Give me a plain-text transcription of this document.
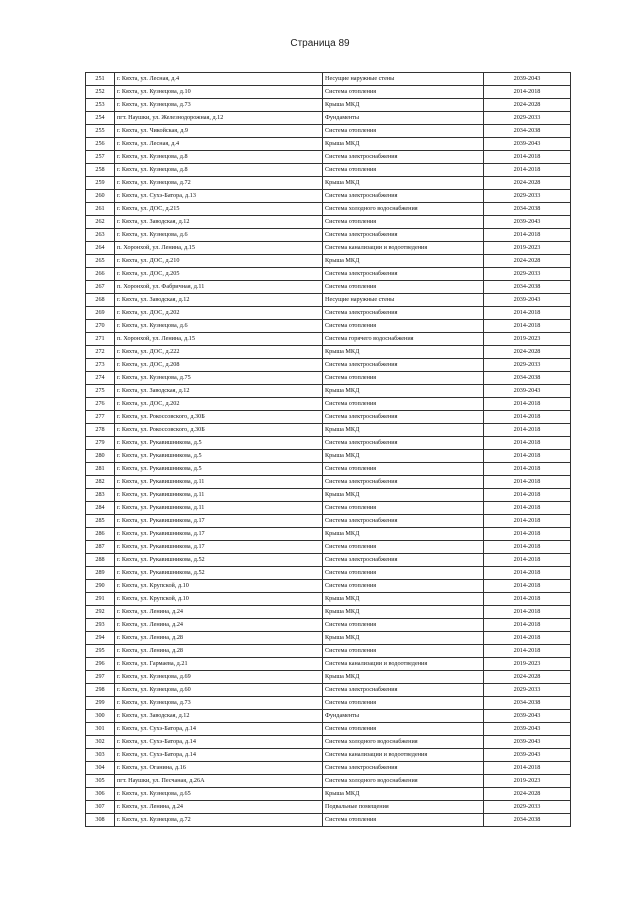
Страница 89
251	г. Кяхта, ул. Лесная, д.4	Несущие наружные стены	2039-2043
252	г. Кяхта, ул. Кузнецова, д.10	Система отопления	2014-2018
253	г. Кяхта, ул. Кузнецова, д.73	Крыша МКД	2024-2028
254	пгт. Наушки, ул. Железнодорожная, д.12	Фундаменты	2029-2033
255	г. Кяхта, ул. Чикойская, д.9	Система отопления	2034-2038
256	г. Кяхта, ул. Лесная, д.4	Крыша МКД	2039-2043
257	г. Кяхта, ул. Кузнецова, д.8	Система электроснабжения	2014-2018
258	г. Кяхта, ул. Кузнецова, д.8	Система отопления	2014-2018
259	г. Кяхта, ул. Кузнецова, д.72	Крыша МКД	2024-2028
260	г. Кяхта, ул. Сухэ-Батора, д.13	Система электроснабжения	2029-2033
261	г. Кяхта, ул. ДОС, д.215	Система холодного водоснабжения	2034-2038
262	г. Кяхта, ул. Заводская, д.12	Система отопления	2039-2043
263	г. Кяхта, ул. Кузнецова, д.6	Система электроснабжения	2014-2018
264	п. Хоронхой, ул. Ленина, д.15	Система канализации и водоотведения	2019-2023
265	г. Кяхта, ул. ДОС, д.210	Крыша МКД	2024-2028
266	г. Кяхта, ул. ДОС, д.205	Система электроснабжения	2029-2033
267	п. Хоронхой, ул. Фабричная, д.11	Система отопления	2034-2038
268	г. Кяхта, ул. Заводская, д.12	Несущие наружные стены	2039-2043
269	г. Кяхта, ул. ДОС, д.202	Система электроснабжения	2014-2018
270	г. Кяхта, ул. Кузнецова, д.6	Система отопления	2014-2018
271	п. Хоронхой, ул. Ленина, д.15	Система горячего водоснабжения	2019-2023
272	г. Кяхта, ул. ДОС, д.222	Крыша МКД	2024-2028
273	г. Кяхта, ул. ДОС, д.208	Система электроснабжения	2029-2033
274	г. Кяхта, ул. Кузнецова, д.75	Система отопления	2034-2038
275	г. Кяхта, ул. Заводская, д.12	Крыша МКД	2039-2043
276	г. Кяхта, ул. ДОС, д.202	Система отопления	2014-2018
277	г. Кяхта, ул. Рокоссовского, д.30Б	Система электроснабжения	2014-2018
278	г. Кяхта, ул. Рокоссовского, д.30Б	Крыша МКД	2014-2018
279	г. Кяхта, ул. Рукавишникова, д.5	Система электроснабжения	2014-2018
280	г. Кяхта, ул. Рукавишникова, д.5	Крыша МКД	2014-2018
281	г. Кяхта, ул. Рукавишникова, д.5	Система отопления	2014-2018
282	г. Кяхта, ул. Рукавишникова, д.11	Система электроснабжения	2014-2018
283	г. Кяхта, ул. Рукавишникова, д.11	Крыша МКД	2014-2018
284	г. Кяхта, ул. Рукавишникова, д.11	Система отопления	2014-2018
285	г. Кяхта, ул. Рукавишникова, д.17	Система электроснабжения	2014-2018
286	г. Кяхта, ул. Рукавишникова, д.17	Крыша МКД	2014-2018
287	г. Кяхта, ул. Рукавишникова, д.17	Система отопления	2014-2018
288	г. Кяхта, ул. Рукавишникова, д.52	Система электроснабжения	2014-2018
289	г. Кяхта, ул. Рукавишникова, д.52	Система отопления	2014-2018
290	г. Кяхта, ул. Крупской, д.10	Система отопления	2014-2018
291	г. Кяхта, ул. Крупской, д.10	Крыша МКД	2014-2018
292	г. Кяхта, ул. Ленина, д.24	Крыша МКД	2014-2018
293	г. Кяхта, ул. Ленина, д.24	Система отопления	2014-2018
294	г. Кяхта, ул. Ленина, д.28	Крыша МКД	2014-2018
295	г. Кяхта, ул. Ленина, д.28	Система отопления	2014-2018
296	г. Кяхта, ул. Гармаева, д.21	Система канализации и водоотведения	2019-2023
297	г. Кяхта, ул. Кузнецова, д.69	Крыша МКД	2024-2028
298	г. Кяхта, ул. Кузнецова, д.60	Система электроснабжения	2029-2033
299	г. Кяхта, ул. Кузнецова, д.73	Система отопления	2034-2038
300	г. Кяхта, ул. Заводская, д.12	Фундаменты	2039-2043
301	г. Кяхта, ул. Сухэ-Батора, д.14	Система отопления	2039-2043
302	г. Кяхта, ул. Сухэ-Батора, д.14	Система холодного водоснабжения	2039-2043
303	г. Кяхта, ул. Сухэ-Батора, д.14	Система канализации и водоотведения	2039-2043
304	г. Кяхта, ул. Оганина, д.16	Система электроснабжения	2014-2018
305	пгт. Наушки, ул. Песчаная, д.26А	Система холодного водоснабжения	2019-2023
306	г. Кяхта, ул. Кузнецова, д.65	Крыша МКД	2024-2028
307	г. Кяхта, ул. Ленина, д.24	Подвальные помещения	2029-2033
308	г. Кяхта, ул. Кузнецова, д.72	Система отопления	2034-2038
